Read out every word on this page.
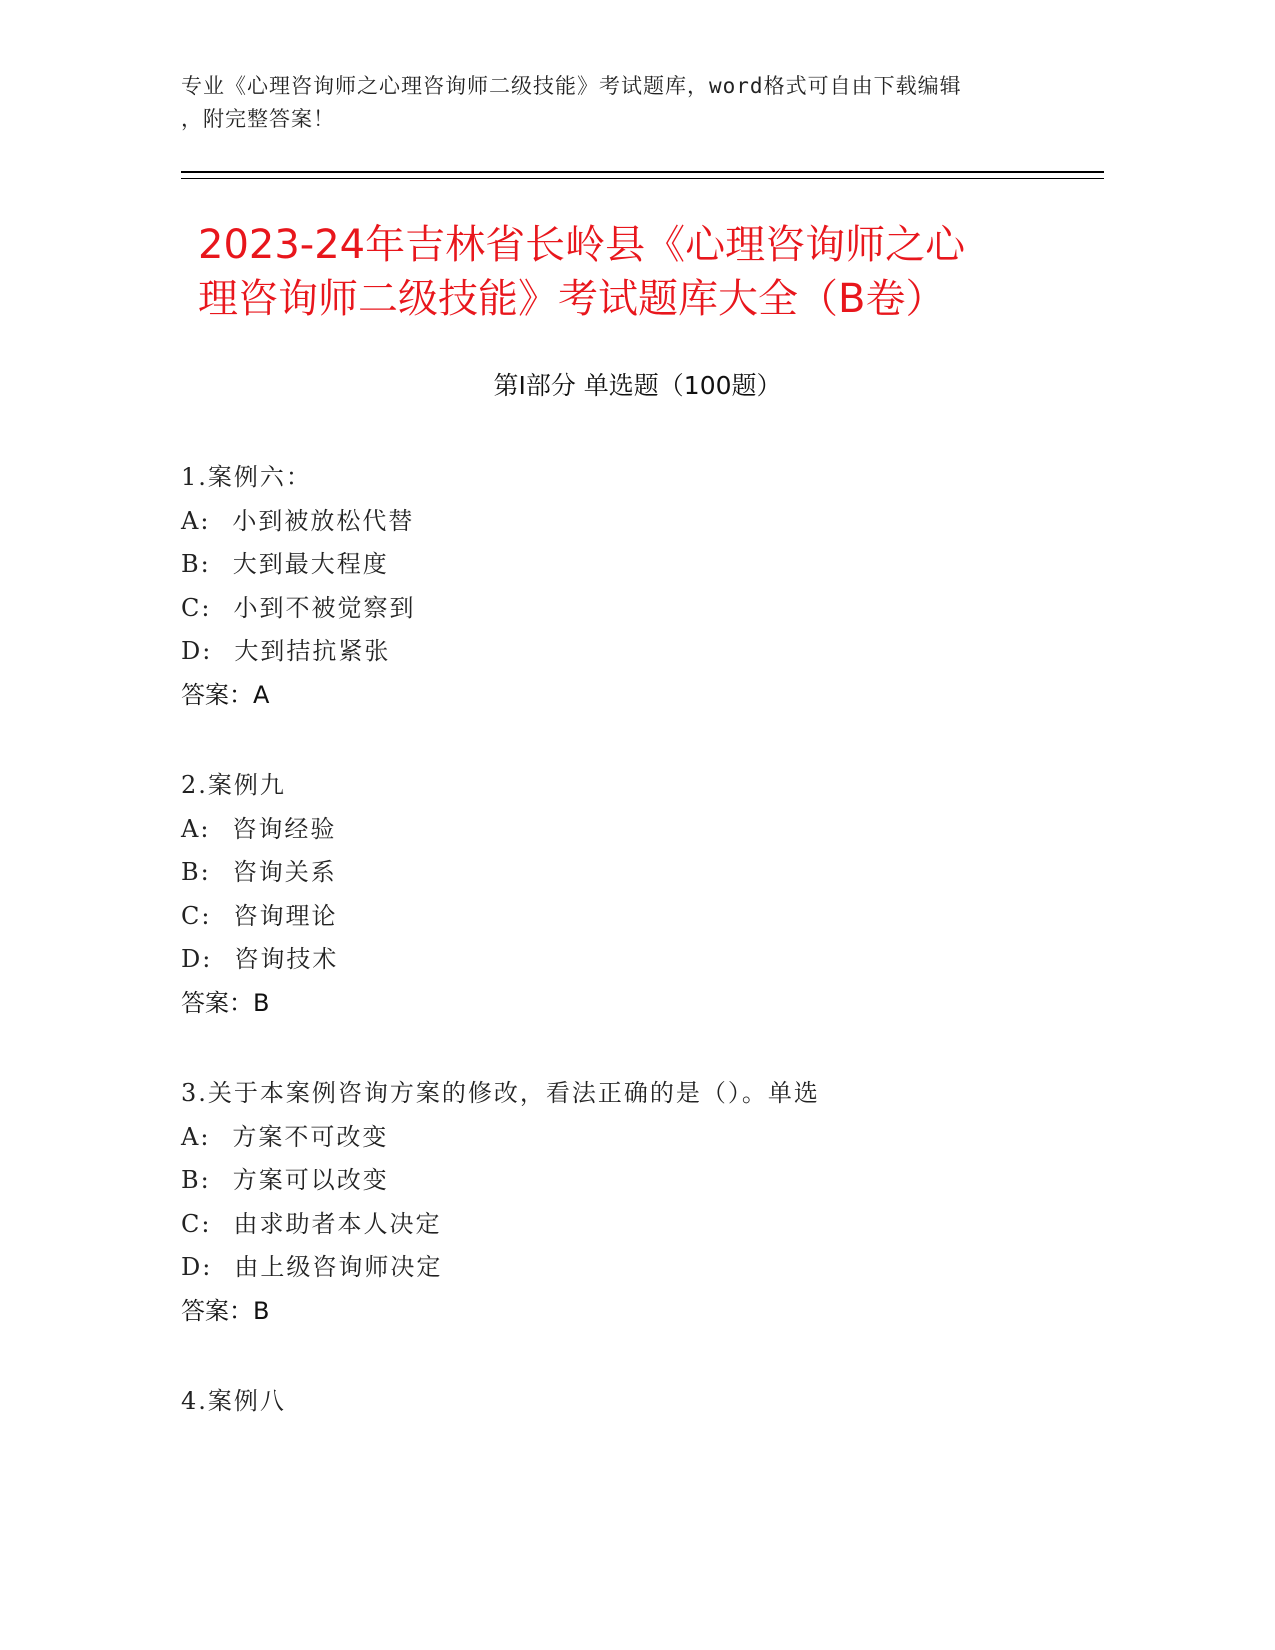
专业《心理咨询师之心理咨询师二级技能》考试题库，word格式可自由下载编辑
，附完整答案！
2023-24年吉林省长岭县《心理咨询师之心
理咨询师二级技能》考试题库大全（B卷）
第Ⅰ部分 单选题（100题）
1.案例六：
A: 小到被放松代替
B: 大到最大程度
C: 小到不被觉察到
D: 大到拮抗紧张
答案：A
2.案例九
A: 咨询经验
B: 咨询关系
C: 咨询理论
D: 咨询技术
答案：B
3.关于本案例咨询方案的修改，看法正确的是（）。单选
A: 方案不可改变
B: 方案可以改变
C: 由求助者本人决定
D: 由上级咨询师决定
答案：B
4.案例八
